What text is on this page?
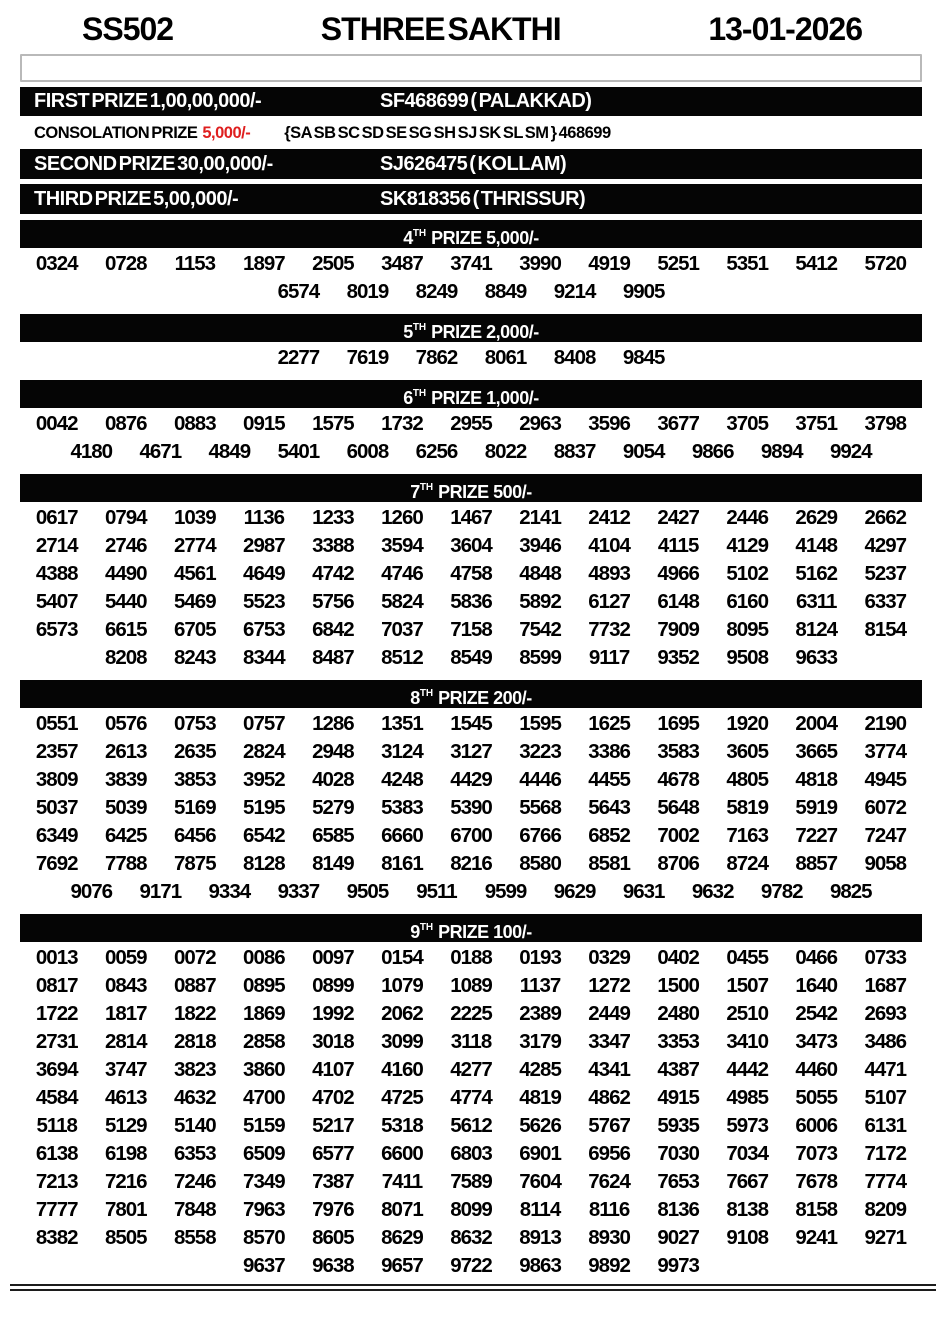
SS502	STHREE SAKTHI	13-01-2026
FIRST PRIZE 1,00,00,000/-	SF468699 ( PALAKKAD)
CONSOLATION PRIZE 5,000/- {SA SB SC SD SE SG SH SJ SK SL SM } 468699
SECOND PRIZE 30,00,000/-	SJ626475 ( KOLLAM)
THIRD PRIZE 5,00,000/-	SK818356 ( THRISSUR)
4TH PRIZE 5,000/-
0324	0728	1153	1897	2505	3487	3741	3990	4919	5251	5351	5412	5720
6574	8019	8249	8849	9214	9905
5TH PRIZE 2,000/-
2277	7619	7862	8061	8408	9845
6TH PRIZE 1,000/-
0042	0876	0883	0915	1575	1732	2955	2963	3596	3677	3705	3751	3798
4180	4671	4849	5401	6008	6256	8022	8837	9054	9866	9894	9924
7TH PRIZE 500/-
0617	0794	1039	1136	1233	1260	1467	2141	2412	2427	2446	2629	2662
2714	2746	2774	2987	3388	3594	3604	3946	4104	4115	4129	4148	4297
4388	4490	4561	4649	4742	4746	4758	4848	4893	4966	5102	5162	5237
5407	5440	5469	5523	5756	5824	5836	5892	6127	6148	6160	6311	6337
6573	6615	6705	6753	6842	7037	7158	7542	7732	7909	8095	8124	8154
8208	8243	8344	8487	8512	8549	8599	9117	9352	9508	9633
8TH PRIZE 200/-
0551	0576	0753	0757	1286	1351	1545	1595	1625	1695	1920	2004	2190
2357	2613	2635	2824	2948	3124	3127	3223	3386	3583	3605	3665	3774
3809	3839	3853	3952	4028	4248	4429	4446	4455	4678	4805	4818	4945
5037	5039	5169	5195	5279	5383	5390	5568	5643	5648	5819	5919	6072
6349	6425	6456	6542	6585	6660	6700	6766	6852	7002	7163	7227	7247
7692	7788	7875	8128	8149	8161	8216	8580	8581	8706	8724	8857	9058
9076	9171	9334	9337	9505	9511	9599	9629	9631	9632	9782	9825
9TH PRIZE 100/-
0013	0059	0072	0086	0097	0154	0188	0193	0329	0402	0455	0466	0733
0817	0843	0887	0895	0899	1079	1089	1137	1272	1500	1507	1640	1687
1722	1817	1822	1869	1992	2062	2225	2389	2449	2480	2510	2542	2693
2731	2814	2818	2858	3018	3099	3118	3179	3347	3353	3410	3473	3486
3694	3747	3823	3860	4107	4160	4277	4285	4341	4387	4442	4460	4471
4584	4613	4632	4700	4702	4725	4774	4819	4862	4915	4985	5055	5107
5118	5129	5140	5159	5217	5318	5612	5626	5767	5935	5973	6006	6131
6138	6198	6353	6509	6577	6600	6803	6901	6956	7030	7034	7073	7172
7213	7216	7246	7349	7387	7411	7589	7604	7624	7653	7667	7678	7774
7777	7801	7848	7963	7976	8071	8099	8114	8116	8136	8138	8158	8209
8382	8505	8558	8570	8605	8629	8632	8913	8930	9027	9108	9241	9271
9637	9638	9657	9722	9863	9892	9973
